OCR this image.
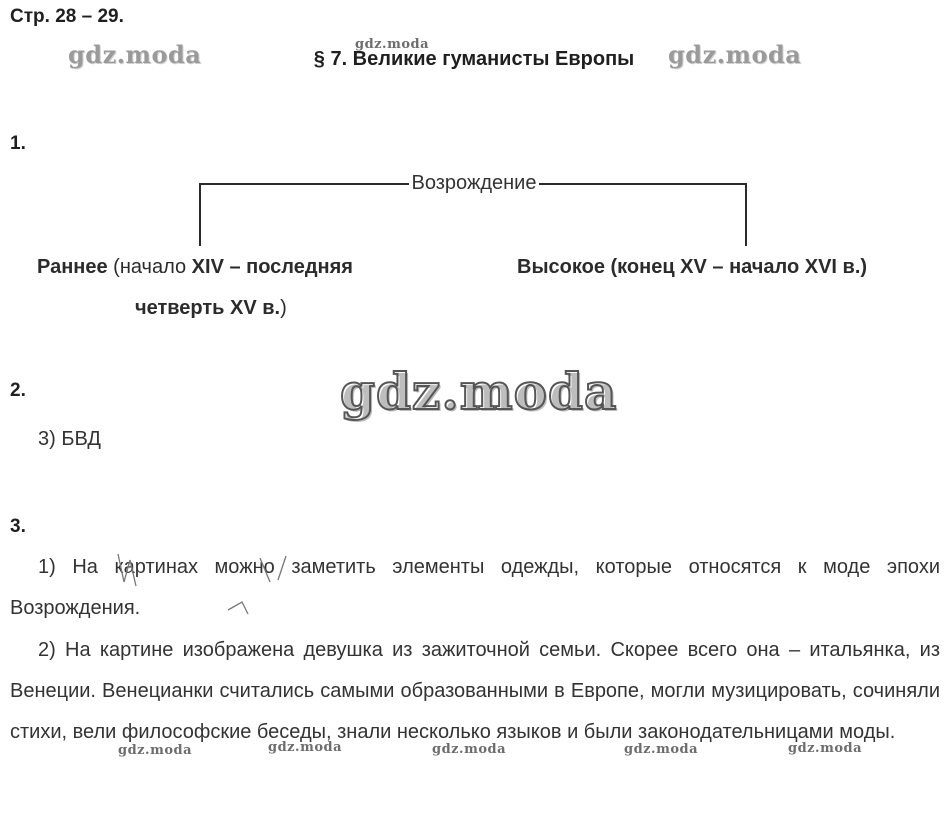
Стр. 28 – 29.
§ 7. Великие гуманисты Европы
1.
Возрождение
Раннее (начало XIV – последняя
четверть XV в.)
Высокое (конец XV – начало XVI в.)
2.
3) БВД
3.
1) На картинах можно заметить элементы одежды, которые относятся к моде эпохи Возрождения.
2) На картине изображена девушка из зажиточной семьи. Скорее всего она – итальянка, из Венеции. Венецианки считались самыми образованными в Европе, могли музицировать, сочиняли стихи, вели философские беседы, знали несколько языков и были законодательницами моды.
gdz.moda	gdz.moda	gdz.moda
gdz.moda
gdz.moda	gdz.moda	gdz.moda	gdz.moda	gdz.moda
